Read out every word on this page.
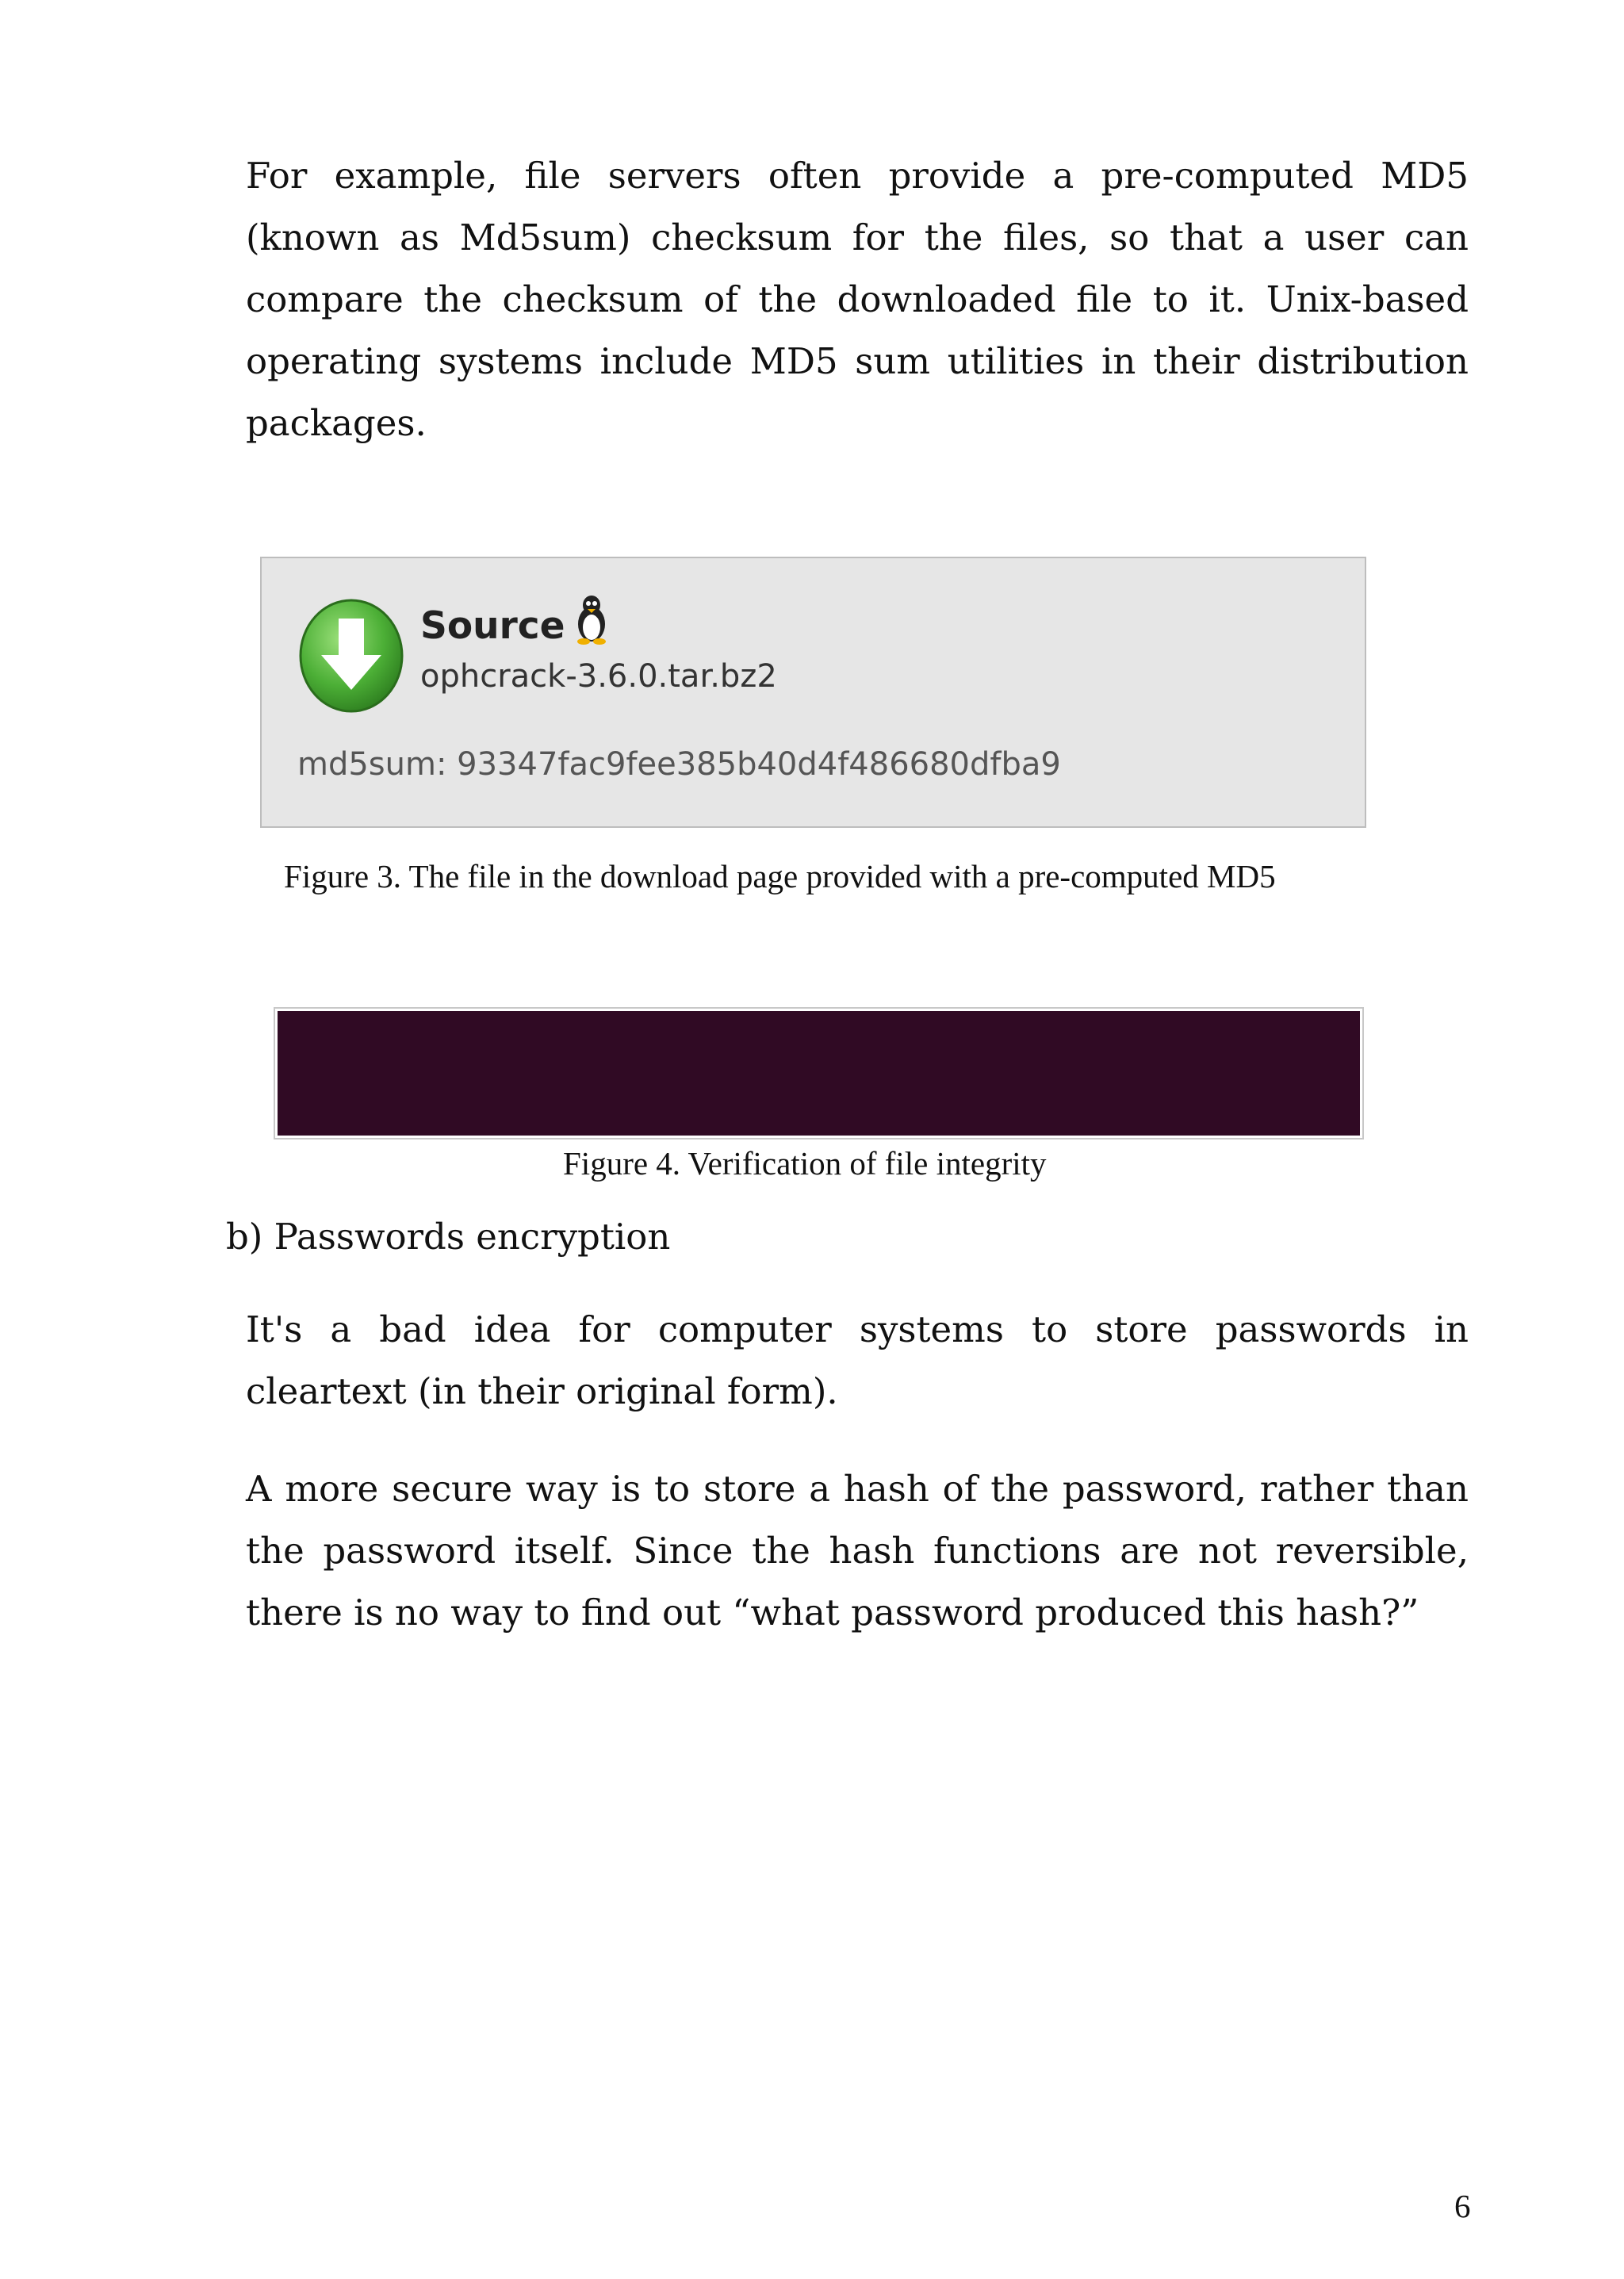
For example, file servers often provide a pre-computed MD5 (known as Md5sum) checksum for the files, so that a user can compare the checksum of the downloaded file to it. Unix-based operating systems include MD5 sum utilities in their distribution packages.

Source
ophcrack-3.6.0.tar.bz2
md5sum: 93347fac9fee385b40d4f486680dfba9
Figure 3. The file in the download page provided with a pre-computed MD5

Figure 4. Verification of file integrity

b) Passwords encryption

It's a bad idea for computer systems to store passwords in cleartext (in their original form).

A more secure way is to store a hash of the password, rather than the password itself. Since the hash functions are not reversible, there is no way to find out “what password produced this hash?”

6
